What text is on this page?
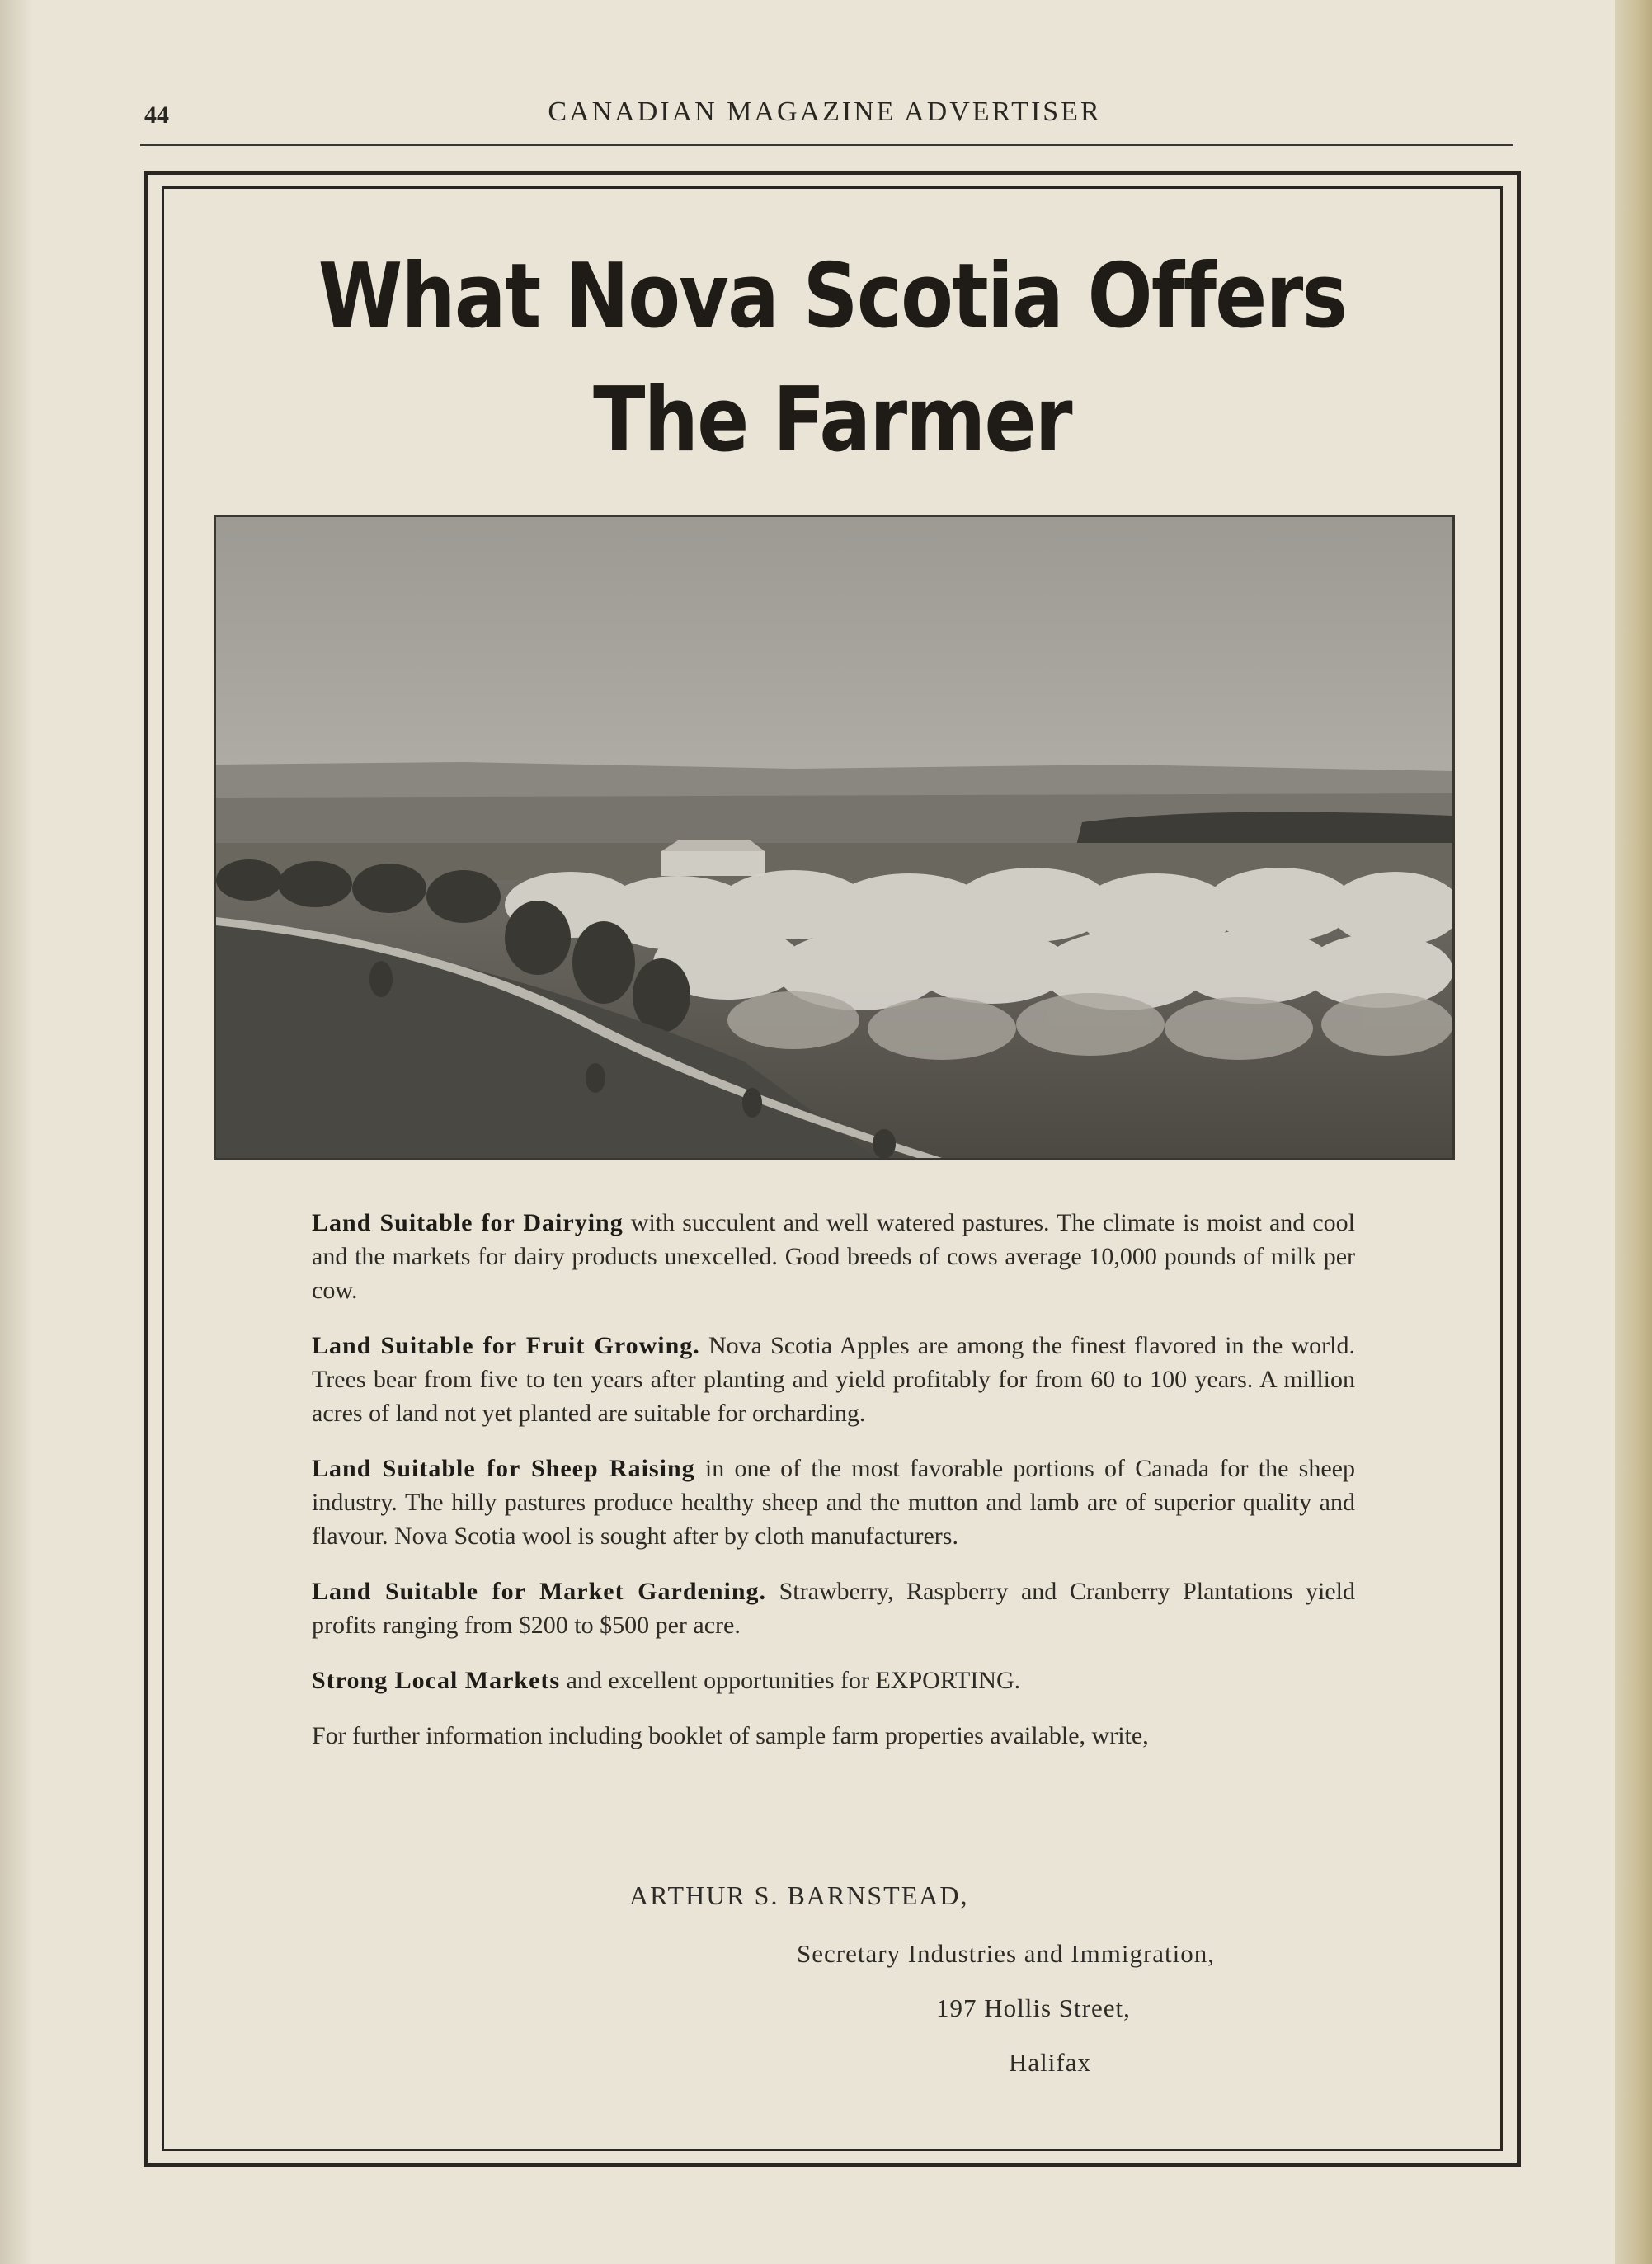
44	CANADIAN MAGAZINE ADVERTISER
What Nova Scotia Offers
The Farmer

Land Suitable for Dairying with succulent and well watered pastures. The climate is moist and cool and the markets for dairy products unexcelled. Good breeds of cows average 10,000 pounds of milk per cow.

Land Suitable for Fruit Growing. Nova Scotia Apples are among the finest flavored in the world. Trees bear from five to ten years after planting and yield profitably for from 60 to 100 years. A million acres of land not yet planted are suitable for orcharding.

Land Suitable for Sheep Raising in one of the most favorable portions of Canada for the sheep industry. The hilly pastures produce healthy sheep and the mutton and lamb are of superior quality and flavour. Nova Scotia wool is sought after by cloth manufacturers.

Land Suitable for Market Gardening. Strawberry, Raspberry and Cranberry Plantations yield profits ranging from $200 to $500 per acre.

Strong Local Markets and excellent opportunities for EXPORTING.

For further information including booklet of sample farm properties available, write,

ARTHUR S. BARNSTEAD,
Secretary Industries and Immigration,
197 Hollis Street,
Halifax
